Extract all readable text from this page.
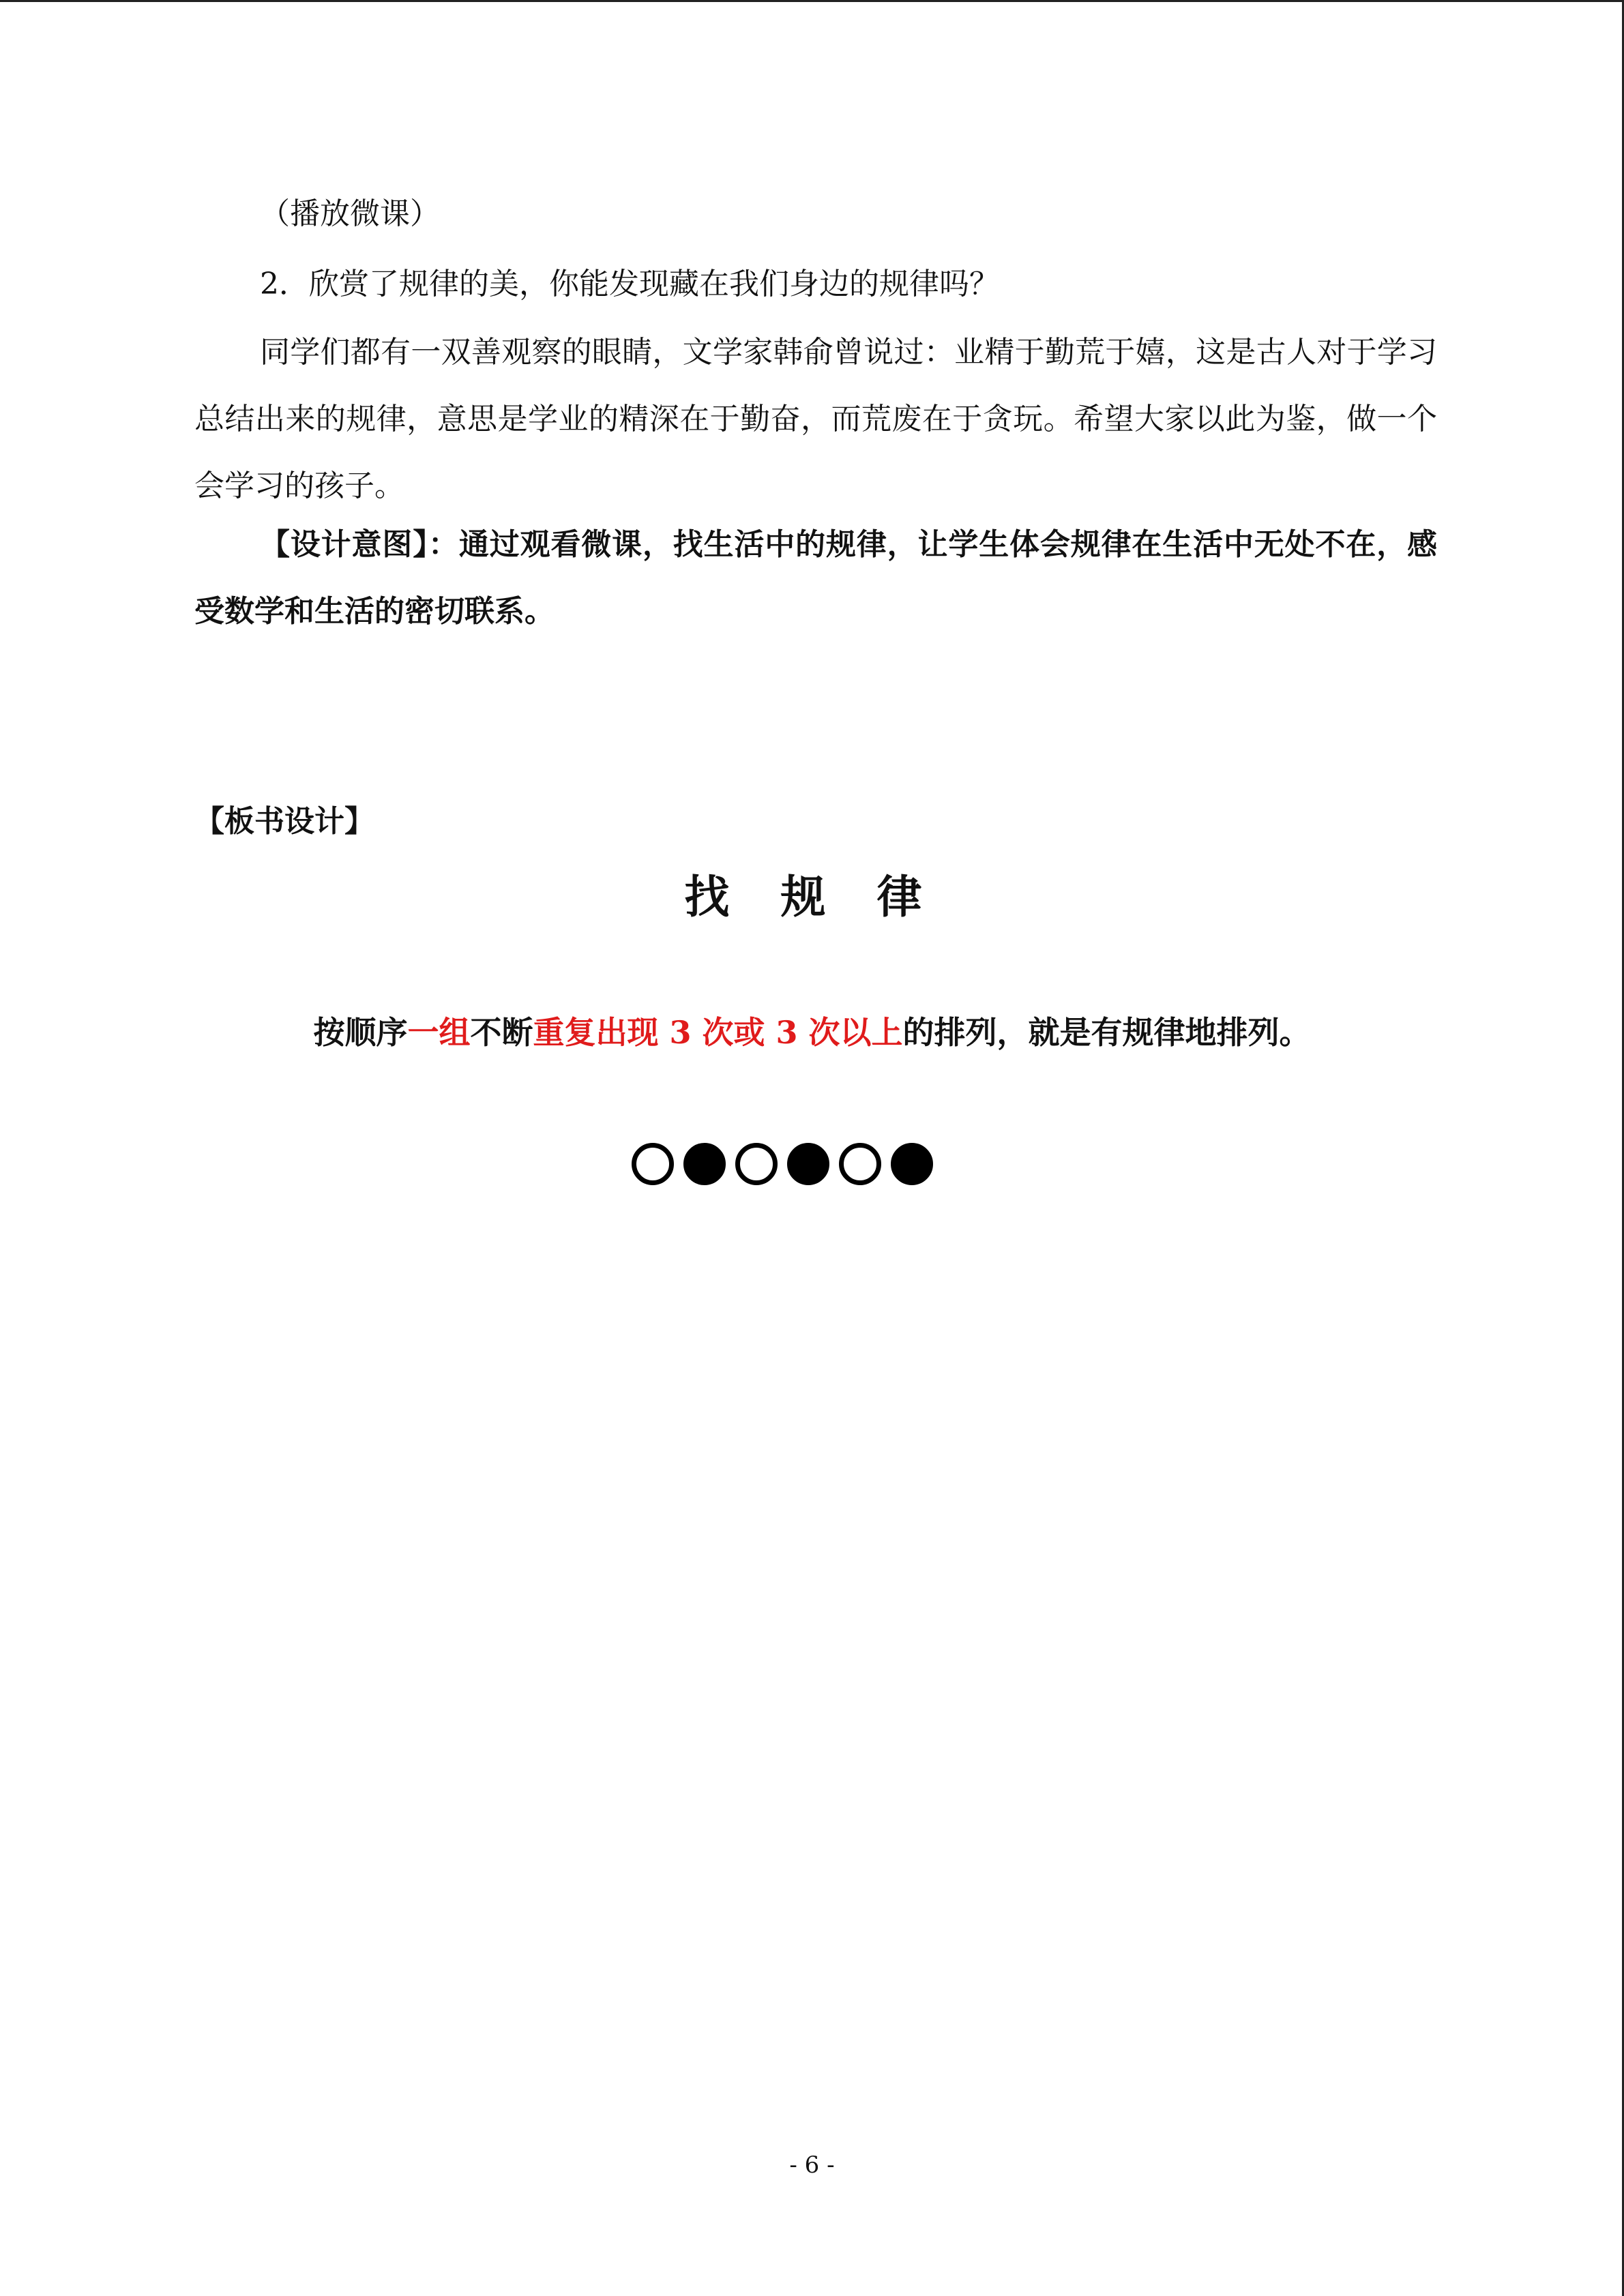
（播放微课）

2．欣赏了规律的美，你能发现藏在我们身边的规律吗？

同学们都有一双善观察的眼睛，文学家韩俞曾说过：业精于勤荒于嬉，这是古人对于学习总结出来的规律，意思是学业的精深在于勤奋，而荒废在于贪玩。希望大家以此为鉴，做一个会学习的孩子。

【设计意图】：通过观看微课，找生活中的规律，让学生体会规律在生活中无处不在，感受数学和生活的密切联系。

【板书设计】

找 规 律

按顺序一组不断重复出现 3 次或 3 次以上的排列，就是有规律地排列。

- 6 -
